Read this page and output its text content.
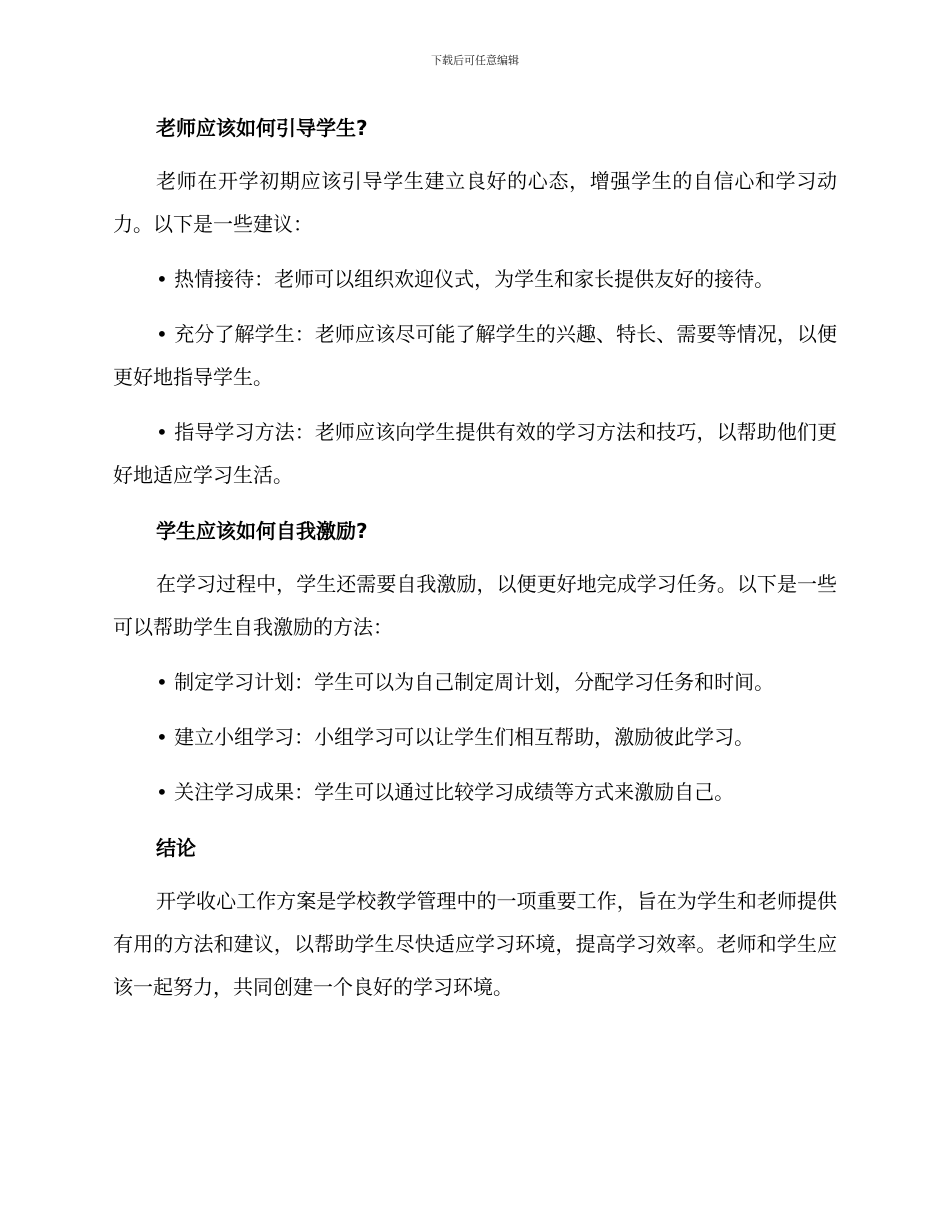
下载后可任意编辑
老师应该如何引导学生?

老师在开学初期应该引导学生建立良好的心态，增强学生的自信心和学习动力。以下是一些建议：

• 热情接待：老师可以组织欢迎仪式，为学生和家长提供友好的接待。

• 充分了解学生：老师应该尽可能了解学生的兴趣、特长、需要等情况，以便更好地指导学生。

• 指导学习方法：老师应该向学生提供有效的学习方法和技巧，以帮助他们更好地适应学习生活。

学生应该如何自我激励?

在学习过程中，学生还需要自我激励，以便更好地完成学习任务。以下是一些可以帮助学生自我激励的方法：

• 制定学习计划：学生可以为自己制定周计划，分配学习任务和时间。

• 建立小组学习：小组学习可以让学生们相互帮助，激励彼此学习。

• 关注学习成果：学生可以通过比较学习成绩等方式来激励自己。

结论

开学收心工作方案是学校教学管理中的一项重要工作，旨在为学生和老师提供有用的方法和建议，以帮助学生尽快适应学习环境，提高学习效率。老师和学生应该一起努力，共同创建一个良好的学习环境。
